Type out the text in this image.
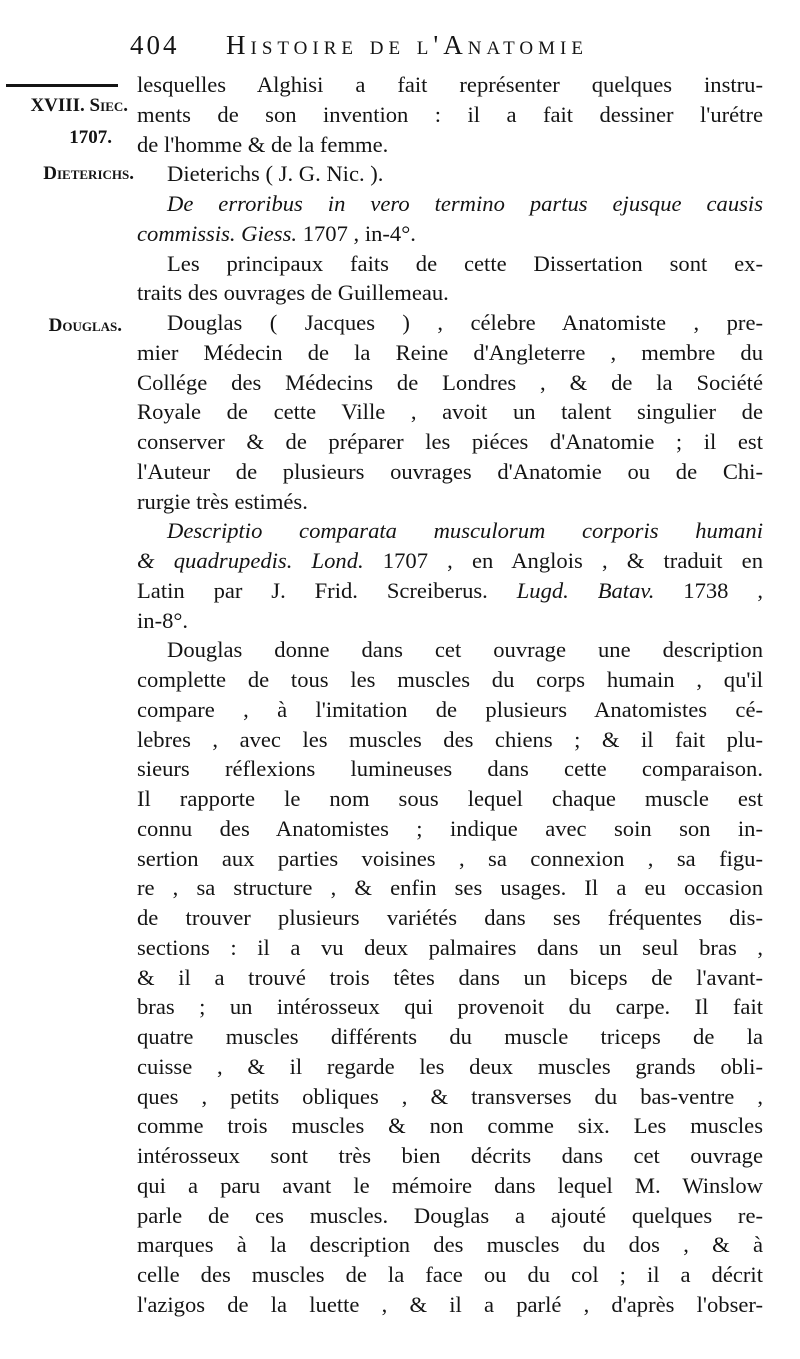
404 Histoire de l'Anatomie
XVIII. Siec.
1707.
Dieterichs.
Douglas.

lesquelles Alghisi a fait représenter quelques instru-

ments de son invention : il a fait dessiner l'urétre

de l'homme & de la femme.

Dieterichs ( J. G. Nic. ).

De erroribus in vero termino partus ejusque causis

commissis. Giess. 1707 , in-4°.

Les principaux faits de cette Dissertation sont ex-

traits des ouvrages de Guillemeau.

Douglas ( Jacques ) , célebre Anatomiste , pre-

mier Médecin de la Reine d'Angleterre , membre du

Collége des Médecins de Londres , & de la Société

Royale de cette Ville , avoit un talent singulier de

conserver & de préparer les piéces d'Anatomie ; il est

l'Auteur de plusieurs ouvrages d'Anatomie ou de Chi-

rurgie très estimés.

Descriptio comparata musculorum corporis humani

& quadrupedis. Lond. 1707 , en Anglois , & traduit en

Latin par J. Frid. Screiberus. Lugd. Batav. 1738 ,

in-8°.

Douglas donne dans cet ouvrage une description

complette de tous les muscles du corps humain , qu'il

compare , à l'imitation de plusieurs Anatomistes cé-

lebres , avec les muscles des chiens ; & il fait plu-

sieurs réflexions lumineuses dans cette comparaison.

Il rapporte le nom sous lequel chaque muscle est

connu des Anatomistes ; indique avec soin son in-

sertion aux parties voisines , sa connexion , sa figu-

re , sa structure , & enfin ses usages. Il a eu occasion

de trouver plusieurs variétés dans ses fréquentes dis-

sections : il a vu deux palmaires dans un seul bras ,

& il a trouvé trois têtes dans un biceps de l'avant-

bras ; un intérosseux qui provenoit du carpe. Il fait

quatre muscles différents du muscle triceps de la

cuisse , & il regarde les deux muscles grands obli-

ques , petits obliques , & transverses du bas-ventre ,

comme trois muscles & non comme six. Les muscles

intérosseux sont très bien décrits dans cet ouvrage

qui a paru avant le mémoire dans lequel M. Winslow

parle de ces muscles. Douglas a ajouté quelques re-

marques à la description des muscles du dos , & à

celle des muscles de la face ou du col ; il a décrit

l'azigos de la luette , & il a parlé , d'après l'obser-
